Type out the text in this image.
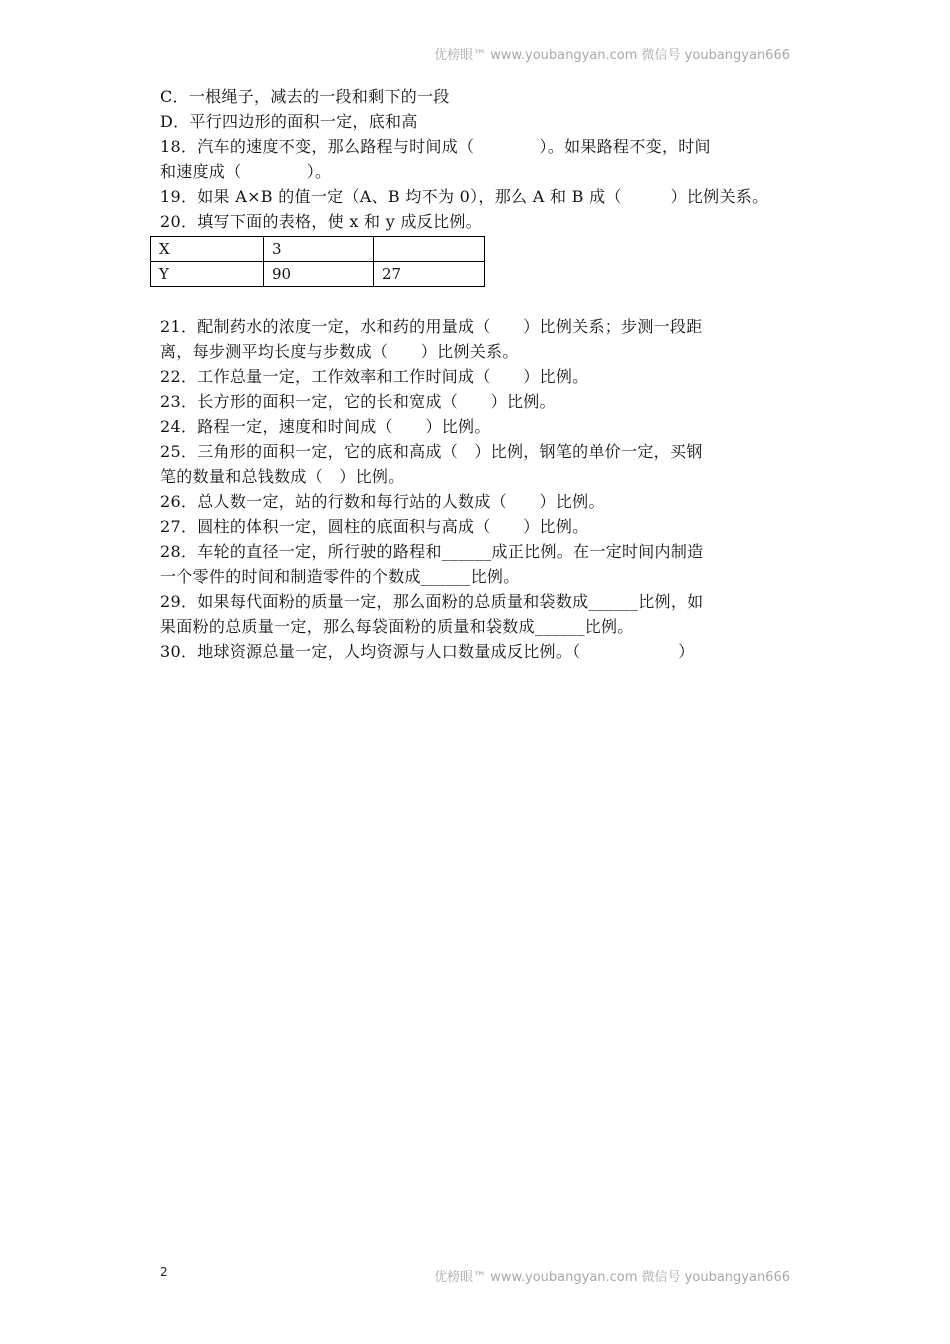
优榜眼™ www.youbangyan.com 微信号 youbangyan666
C．一根绳子，减去的一段和剩下的一段
D．平行四边形的面积一定，底和高
18．汽车的速度不变，那么路程与时间成（　　　　）。如果路程不变，时间
和速度成（　　　　）。
19．如果 A×B 的值一定（A、B 均不为 0），那么 A 和 B 成（　　　）比例关系。
20．填写下面的表格，使 x 和 y 成反比例。
X	3	
Y	90	27
21．配制药水的浓度一定，水和药的用量成（　　）比例关系；步测一段距
离，每步测平均长度与步数成（　　）比例关系。
22．工作总量一定，工作效率和工作时间成（　　）比例。
23．长方形的面积一定，它的长和宽成（　　）比例。
24．路程一定，速度和时间成（　　）比例。
25．三角形的面积一定，它的底和高成（　）比例，钢笔的单价一定，买钢
笔的数量和总钱数成（　）比例。
26．总人数一定，站的行数和每行站的人数成（　　）比例。
27．圆柱的体积一定，圆柱的底面积与高成（　　）比例。
28．车轮的直径一定，所行驶的路程和______成正比例。在一定时间内制造
一个零件的时间和制造零件的个数成______比例。
29．如果每代面粉的质量一定，那么面粉的总质量和袋数成______比例，如
果面粉的总质量一定，那么每袋面粉的质量和袋数成______比例。
30．地球资源总量一定，人均资源与人口数量成反比例。（　　　　　　）
2	优榜眼™ www.youbangyan.com 微信号 youbangyan666
